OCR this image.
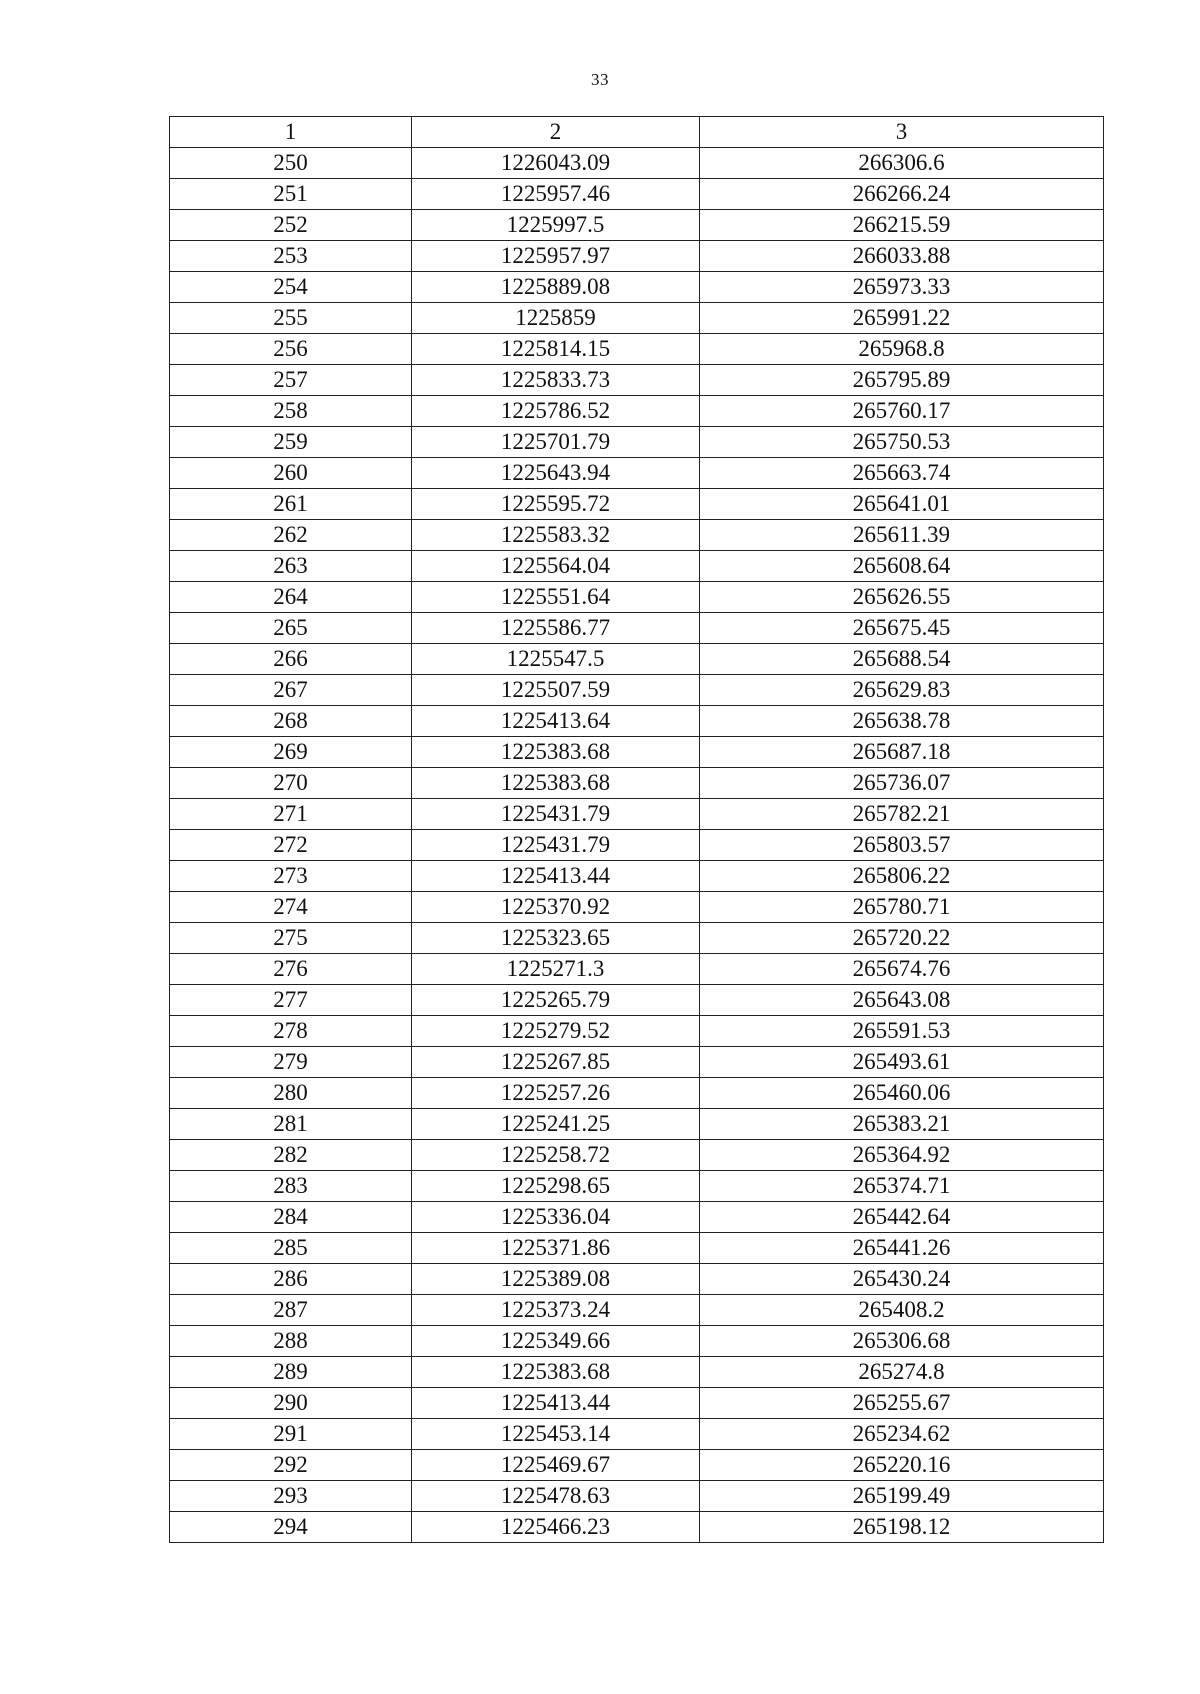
33
1	2	3
250	1226043.09	266306.6
251	1225957.46	266266.24
252	1225997.5	266215.59
253	1225957.97	266033.88
254	1225889.08	265973.33
255	1225859	265991.22
256	1225814.15	265968.8
257	1225833.73	265795.89
258	1225786.52	265760.17
259	1225701.79	265750.53
260	1225643.94	265663.74
261	1225595.72	265641.01
262	1225583.32	265611.39
263	1225564.04	265608.64
264	1225551.64	265626.55
265	1225586.77	265675.45
266	1225547.5	265688.54
267	1225507.59	265629.83
268	1225413.64	265638.78
269	1225383.68	265687.18
270	1225383.68	265736.07
271	1225431.79	265782.21
272	1225431.79	265803.57
273	1225413.44	265806.22
274	1225370.92	265780.71
275	1225323.65	265720.22
276	1225271.3	265674.76
277	1225265.79	265643.08
278	1225279.52	265591.53
279	1225267.85	265493.61
280	1225257.26	265460.06
281	1225241.25	265383.21
282	1225258.72	265364.92
283	1225298.65	265374.71
284	1225336.04	265442.64
285	1225371.86	265441.26
286	1225389.08	265430.24
287	1225373.24	265408.2
288	1225349.66	265306.68
289	1225383.68	265274.8
290	1225413.44	265255.67
291	1225453.14	265234.62
292	1225469.67	265220.16
293	1225478.63	265199.49
294	1225466.23	265198.12
